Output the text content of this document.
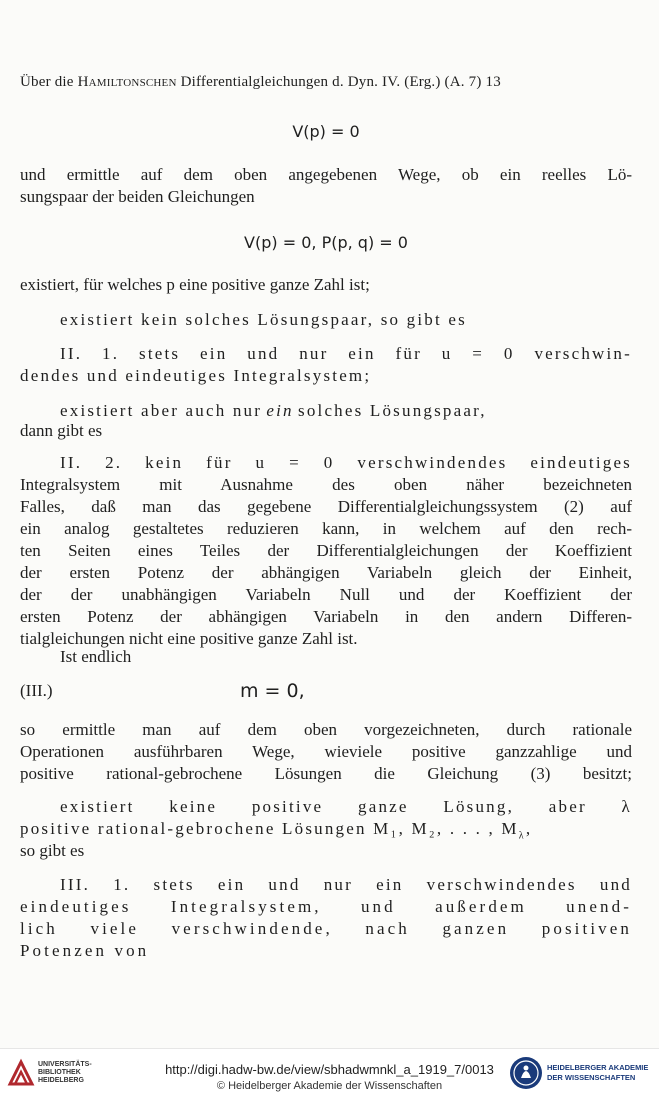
Über die Hamiltonschen Differentialgleichungen d. Dyn. IV. (Erg.) (A. 7) 13
V(p) = 0
und ermittle auf dem oben angegebenen Wege, ob ein reelles Lö-
sungspaar der beiden Gleichungen
V(p) = 0, P(p, q) = 0
existiert, für welches p eine positive ganze Zahl ist;
existiert kein solches Lösungspaar, so gibt es
II. 1. stets ein und nur ein für u = 0 verschwin-
dendes und eindeutiges Integralsystem;
existiert aber auch nur ein solches Lösungspaar,
dann gibt es
II. 2. kein für u = 0 verschwindendes eindeutiges
Integralsystem mit Ausnahme des oben näher bezeichneten
Falles, daß man das gegebene Differentialgleichungssystem (2) auf
ein analog gestaltetes reduzieren kann, in welchem auf den rech-
ten Seiten eines Teiles der Differentialgleichungen der Koeffizient
der ersten Potenz der abhängigen Variabeln gleich der Einheit,
der der unabhängigen Variabeln Null und der Koeffizient der
ersten Potenz der abhängigen Variabeln in den andern Differen-
tialgleichungen nicht eine positive ganze Zahl ist.
Ist endlich
(III.)	m = 0,
so ermittle man auf dem oben vorgezeichneten, durch rationale
Operationen ausführbaren Wege, wieviele positive ganzzahlige und
positive rational-gebrochene Lösungen die Gleichung (3) besitzt;
existiert keine positive ganze Lösung, aber λ
positive rational-gebrochene Lösungen M₁, M₂, . . . , $M_\lambda$,
so gibt es
III. 1. stets ein und nur ein verschwindendes und
eindeutiges Integralsystem, und außerdem unend-
lich viele verschwindende, nach ganzen positiven
Potenzen von
UNIVERSITÄTS-
BIBLIOTHEK
HEIDELBERG
http://digi.hadw-bw.de/view/sbhadwmnkl_a_1919_7/0013
© Heidelberger Akademie der Wissenschaften
HEIDELBERGER AKADEMIE
DER WISSENSCHAFTEN
